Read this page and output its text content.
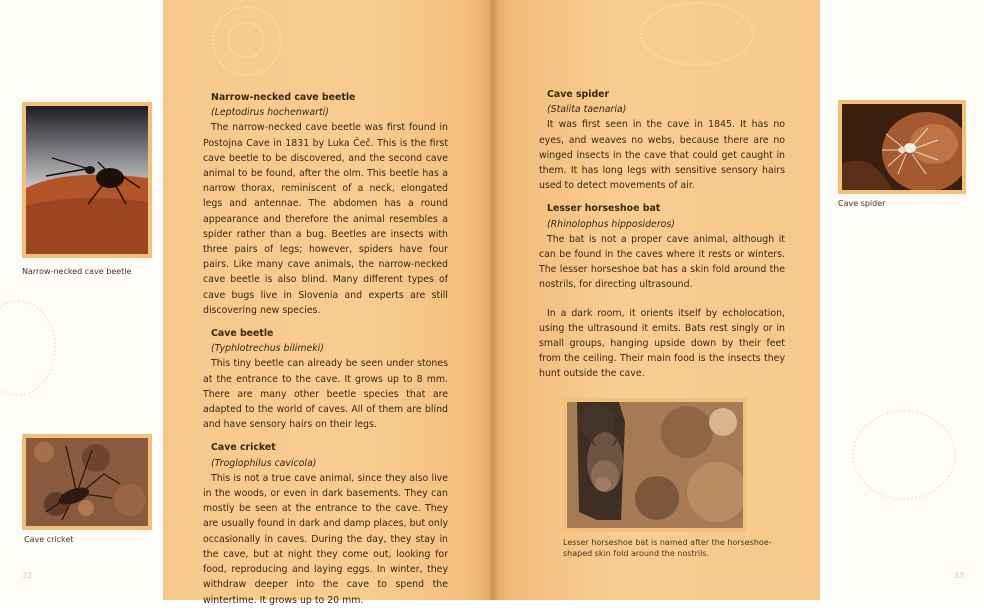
Narrow-necked cave beetle
(Leptodirus hochenwarti)
The narrow-necked cave beetle was first found in Postojna Cave in 1831 by Luka Čeč. This is the first cave beetle to be discovered, and the second cave animal to be found, after the olm. This beetle has a narrow thorax, reminiscent of a neck, elongated legs and antennae. The abdomen has a round appearance and therefore the animal resembles a spider rather than a bug. Beetles are insects with three pairs of legs; however, spiders have four pairs. Like many cave animals, the narrow-necked cave beetle is also blind. Many different types of cave bugs live in Slovenia and experts are still discovering new species.
Cave beetle
(Typhlotrechus bilimeki)
This tiny beetle can already be seen under stones at the entrance to the cave. It grows up to 8 mm. There are many other beetle species that are adapted to the world of caves. All of them are blind and have sensory hairs on their legs.
Cave cricket
(Troglophilus cavicola)
This is not a true cave animal, since they also live in the woods, or even in dark basements. They can mostly be seen at the entrance to the cave. They are usually found in dark and damp places, but only occasionally in caves. During the day, they stay in the cave, but at night they come out, looking for food, reproducing and laying eggs. In winter, they withdraw deeper into the cave to spend the wintertime. It grows up to 20 mm.
Cave spider
(Stalita taenaria)
It was first seen in the cave in 1845. It has no eyes, and weaves no webs, because there are no winged insects in the cave that could get caught in them. It has long legs with sensitive sensory hairs used to detect movements of air.
Lesser horseshoe bat
(Rhinolophus hipposideros)
The bat is not a proper cave animal, although it can be found in the caves where it rests or winters. The lesser horseshoe bat has a skin fold around the nostrils, for directing ultrasound.
In a dark room, it orients itself by echolocation, using the ultrasound it emits. Bats rest singly or in small groups, hanging upside down by their feet from the ceiling. Their main food is the insects they hunt outside the cave.
Narrow-necked cave beetle
Cave cricket
Cave spider
Lesser horseshoe bat is named after the horseshoe-shaped skin fold around the nostrils.
32	33
